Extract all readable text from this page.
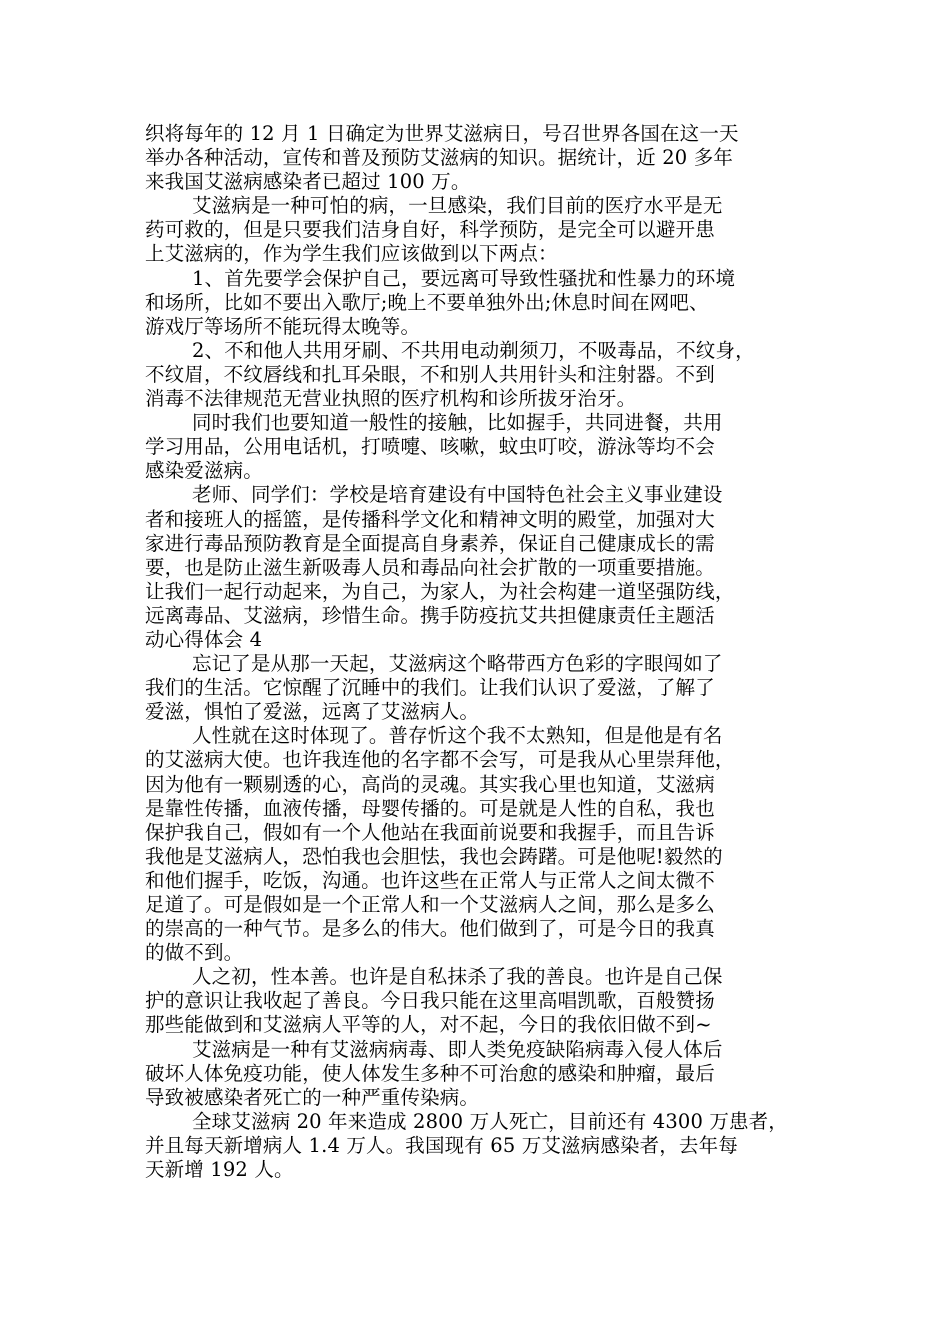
织将每年的 12 月 1 日确定为世界艾滋病日，号召世界各国在这一天
举办各种活动，宣传和普及预防艾滋病的知识。据统计，近 20 多年
来我国艾滋病感染者已超过 100 万。

艾滋病是一种可怕的病，一旦感染，我们目前的医疗水平是无
药可救的，但是只要我们洁身自好，科学预防，是完全可以避开患
上艾滋病的，作为学生我们应该做到以下两点：

1、首先要学会保护自己，要远离可导致性骚扰和性暴力的环境
和场所，比如不要出入歌厅;晚上不要单独外出;休息时间在网吧、
游戏厅等场所不能玩得太晚等。

2、不和他人共用牙刷、不共用电动剃须刀，不吸毒品，不纹身，
不纹眉，不纹唇线和扎耳朵眼，不和别人共用针头和注射器。不到
消毒不法律规范无营业执照的医疗机构和诊所拔牙治牙。

同时我们也要知道一般性的接触，比如握手，共同进餐，共用
学习用品，公用电话机，打喷嚏、咳嗽，蚊虫叮咬，游泳等均不会
感染爱滋病。

老师、同学们：学校是培育建设有中国特色社会主义事业建设
者和接班人的摇篮，是传播科学文化和精神文明的殿堂，加强对大
家进行毒品预防教育是全面提高自身素养，保证自己健康成长的需
要，也是防止滋生新吸毒人员和毒品向社会扩散的一项重要措施。
让我们一起行动起来，为自己，为家人，为社会构建一道坚强防线，
远离毒品、艾滋病，珍惜生命。携手防疫抗艾共担健康责任主题活
动心得体会 4

忘记了是从那一天起，艾滋病这个略带西方色彩的字眼闯如了
我们的生活。它惊醒了沉睡中的我们。让我们认识了爱滋，了解了
爱滋，惧怕了爱滋，远离了艾滋病人。

人性就在这时体现了。普存忻这个我不太熟知，但是他是有名
的艾滋病大使。也许我连他的名字都不会写，可是我从心里崇拜他，
因为他有一颗剔透的心，高尚的灵魂。其实我心里也知道，艾滋病
是靠性传播，血液传播，母婴传播的。可是就是人性的自私，我也
保护我自己，假如有一个人他站在我面前说要和我握手，而且告诉
我他是艾滋病人，恐怕我也会胆怯，我也会踌躇。可是他呢!毅然的
和他们握手，吃饭，沟通。也许这些在正常人与正常人之间太微不
足道了。可是假如是一个正常人和一个艾滋病人之间，那么是多么
的崇高的一种气节。是多么的伟大。他们做到了，可是今日的我真
的做不到。

人之初，性本善。也许是自私抹杀了我的善良。也许是自己保
护的意识让我收起了善良。今日我只能在这里高唱凯歌，百般赞扬
那些能做到和艾滋病人平等的人，对不起，今日的我依旧做不到~

艾滋病是一种有艾滋病病毒、即人类免疫缺陷病毒入侵人体后
破坏人体免疫功能，使人体发生多种不可治愈的感染和肿瘤，最后
导致被感染者死亡的一种严重传染病。

全球艾滋病 20 年来造成 2800 万人死亡，目前还有 4300 万患者，
并且每天新增病人 1.4 万人。我国现有 65 万艾滋病感染者，去年每
天新增 192 人。
